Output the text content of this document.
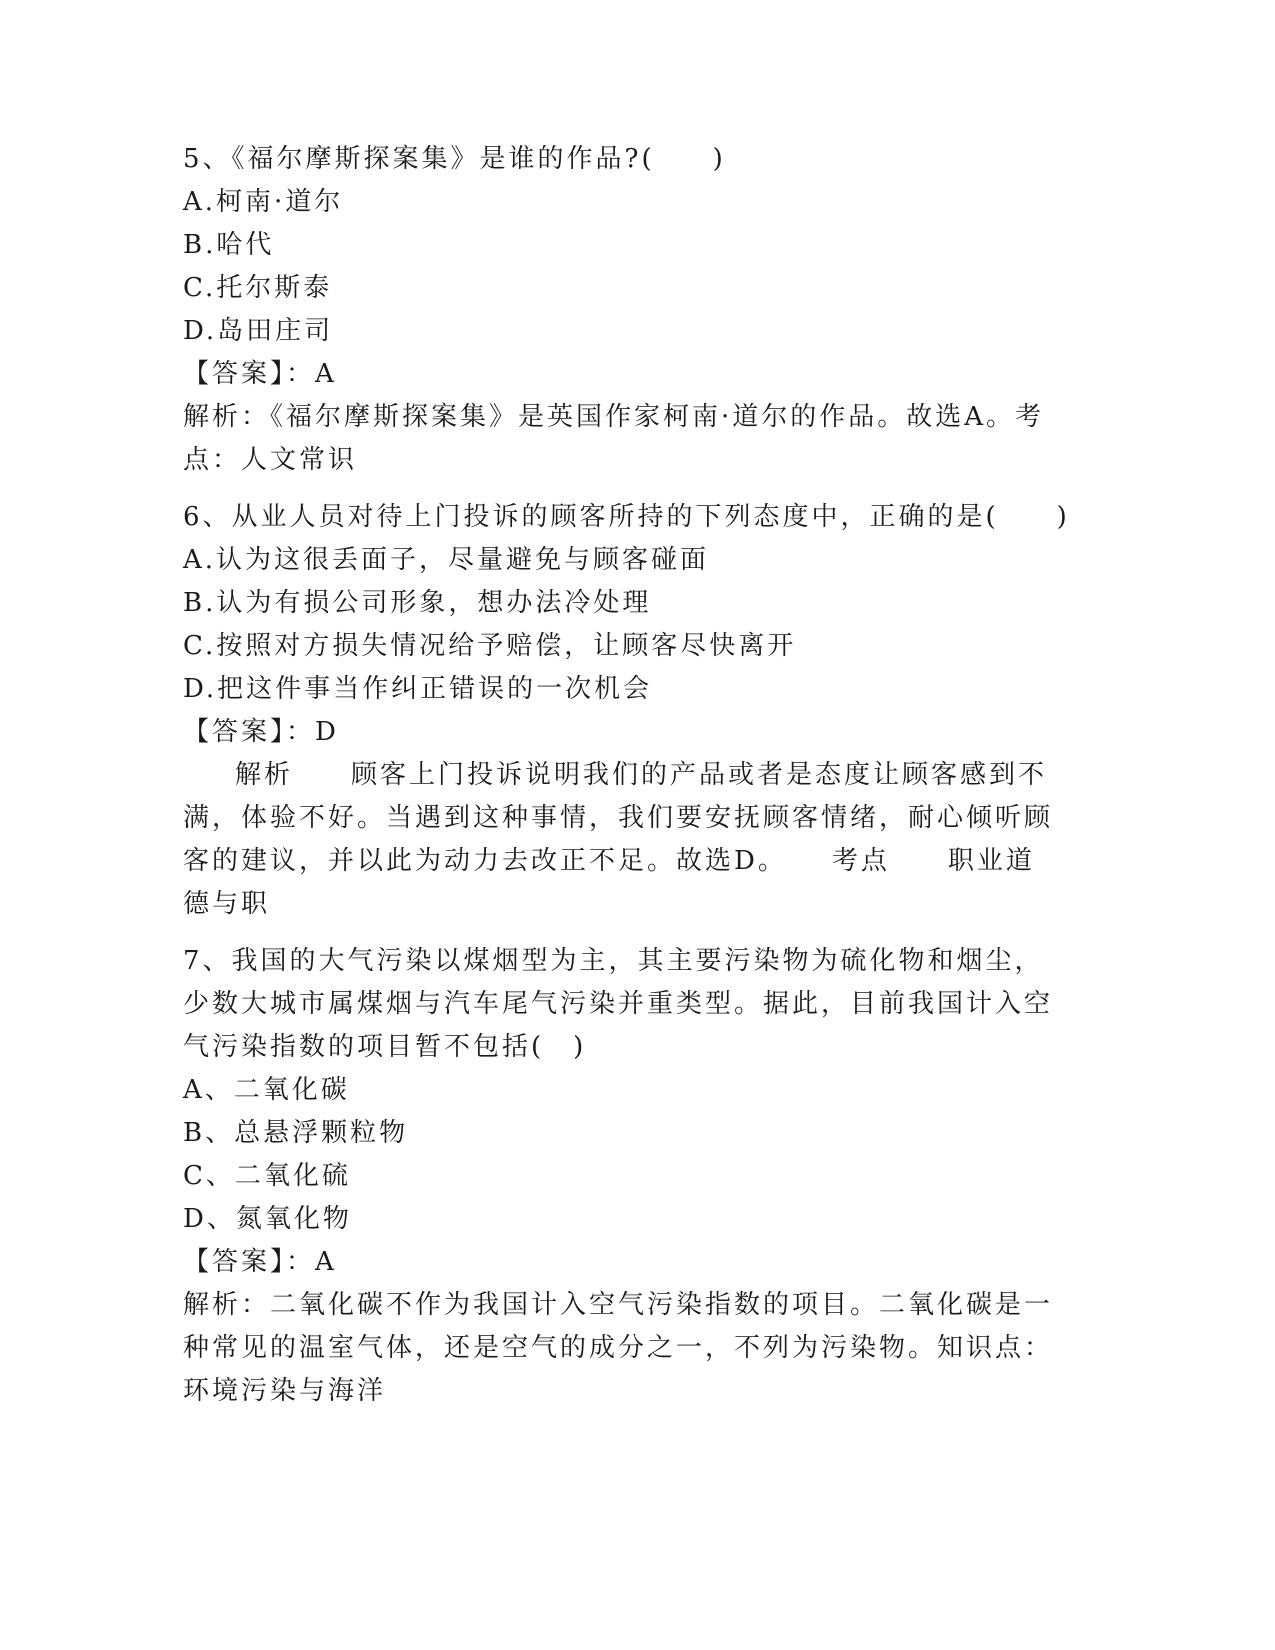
5、《福尔摩斯探案集》是谁的作品?(　　)

A.柯南·道尔

B.哈代

C.托尔斯泰

D.岛田庄司

【答案】：A

解析：《福尔摩斯探案集》是英国作家柯南·道尔的作品。故选A。考点：人文常识

6、从业人员对待上门投诉的顾客所持的下列态度中，正确的是(　　)

A.认为这很丢面子，尽量避免与顾客碰面

B.认为有损公司形象，想办法冷处理

C.按照对方损失情况给予赔偿，让顾客尽快离开

D.把这件事当作纠正错误的一次机会

【答案】：D

解析　　顾客上门投诉说明我们的产品或者是态度让顾客感到不满，体验不好。当遇到这种事情，我们要安抚顾客情绪，耐心倾听顾客的建议，并以此为动力去改正不足。故选D。　　考点　　职业道德与职

7、我国的大气污染以煤烟型为主，其主要污染物为硫化物和烟尘，少数大城市属煤烟与汽车尾气污染并重类型。据此，目前我国计入空气污染指数的项目暂不包括(　)

A、二氧化碳

B、总悬浮颗粒物

C、二氧化硫

D、氮氧化物

【答案】：A

解析：二氧化碳不作为我国计入空气污染指数的项目。二氧化碳是一种常见的温室气体，还是空气的成分之一，不列为污染物。知识点：环境污染与海洋
